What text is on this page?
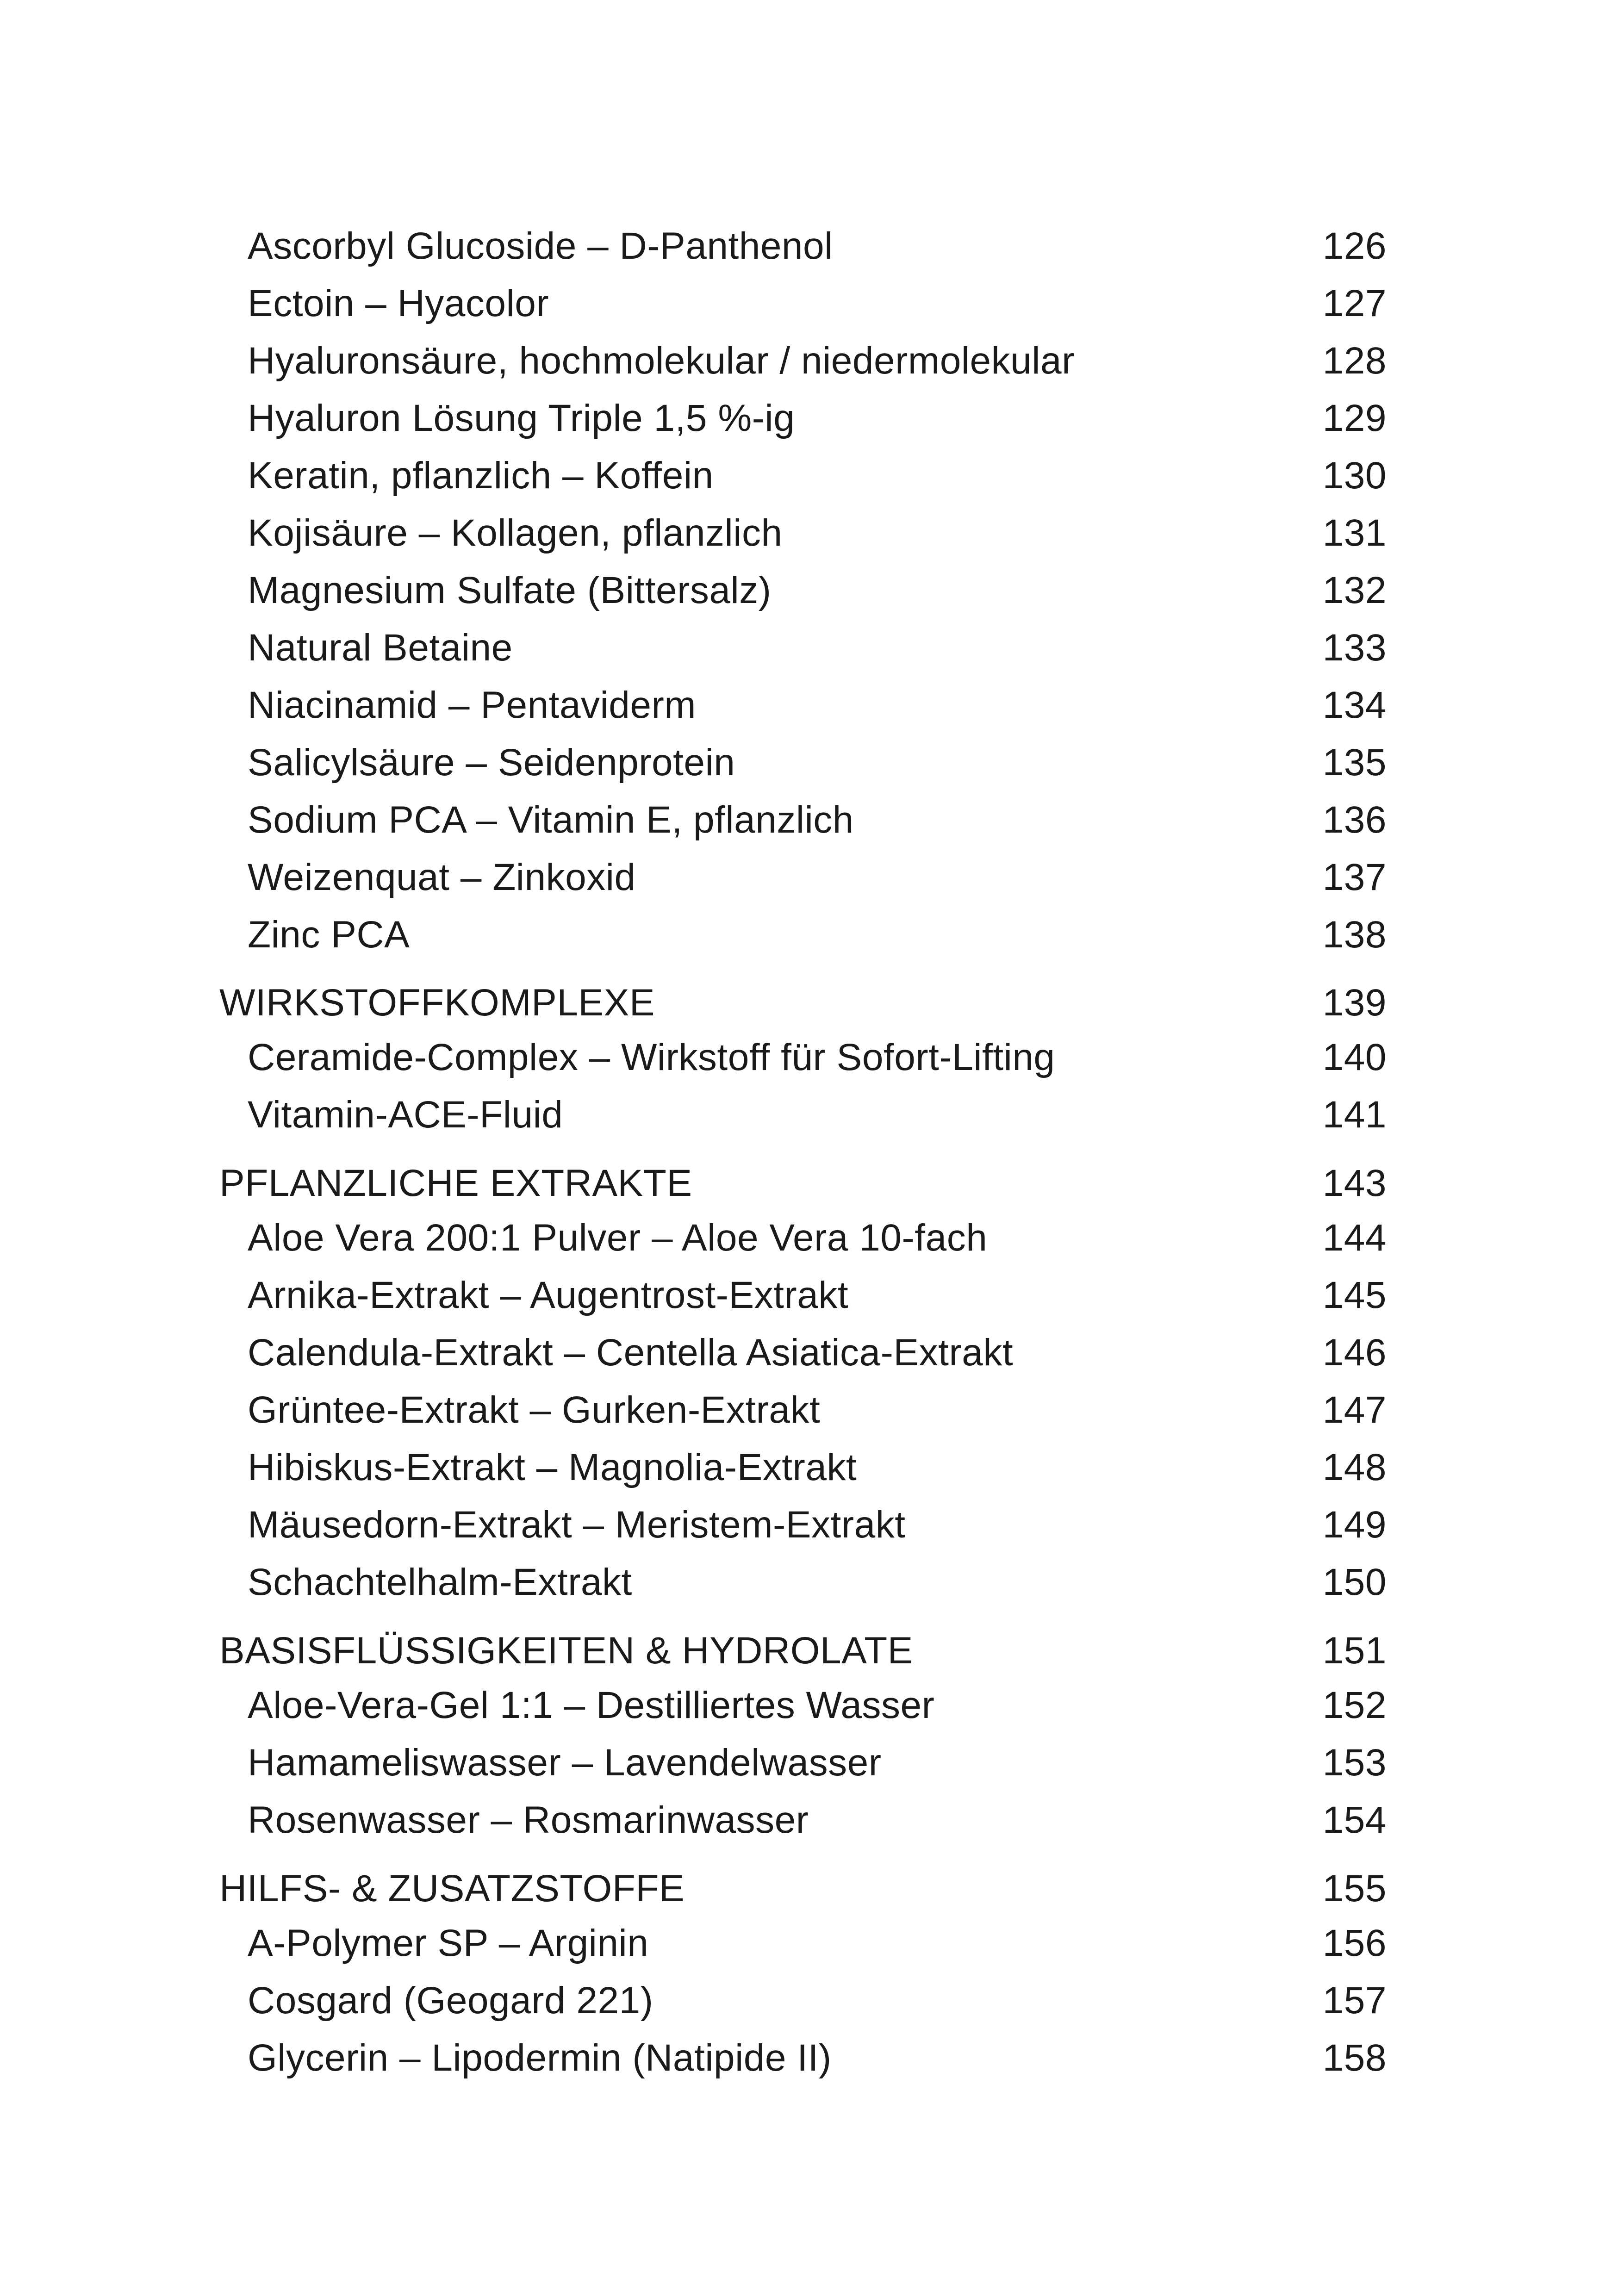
Ascorbyl Glucoside – D-Panthenol	126
Ectoin – Hyacolor	127
Hyaluronsäure, hochmolekular / niedermolekular	128
Hyaluron Lösung Triple 1,5 %-ig	129
Keratin, pflanzlich – Koffein	130
Kojisäure – Kollagen, pflanzlich	131
Magnesium Sulfate (Bittersalz)	132
Natural Betaine	133
Niacinamid – Pentaviderm	134
Salicylsäure – Seidenprotein	135
Sodium PCA – Vitamin E, pflanzlich	136
Weizenquat – Zinkoxid	137
Zinc PCA	138
WIRKSTOFFKOMPLEXE	139
Ceramide-Complex – Wirkstoff für Sofort-Lifting	140
Vitamin-ACE-Fluid	141
PFLANZLICHE EXTRAKTE	143
Aloe Vera 200:1 Pulver – Aloe Vera 10-fach	144
Arnika-Extrakt – Augentrost-Extrakt	145
Calendula-Extrakt – Centella Asiatica-Extrakt	146
Grüntee-Extrakt – Gurken-Extrakt	147
Hibiskus-Extrakt – Magnolia-Extrakt	148
Mäusedorn-Extrakt – Meristem-Extrakt	149
Schachtelhalm-Extrakt	150
BASISFLÜSSIGKEITEN & HYDROLATE	151
Aloe-Vera-Gel 1:1 – Destilliertes Wasser	152
Hamameliswasser – Lavendelwasser	153
Rosenwasser – Rosmarinwasser	154
HILFS- & ZUSATZSTOFFE	155
A-Polymer SP – Arginin	156
Cosgard (Geogard 221)	157
Glycerin – Lipodermin (Natipide II)	158
